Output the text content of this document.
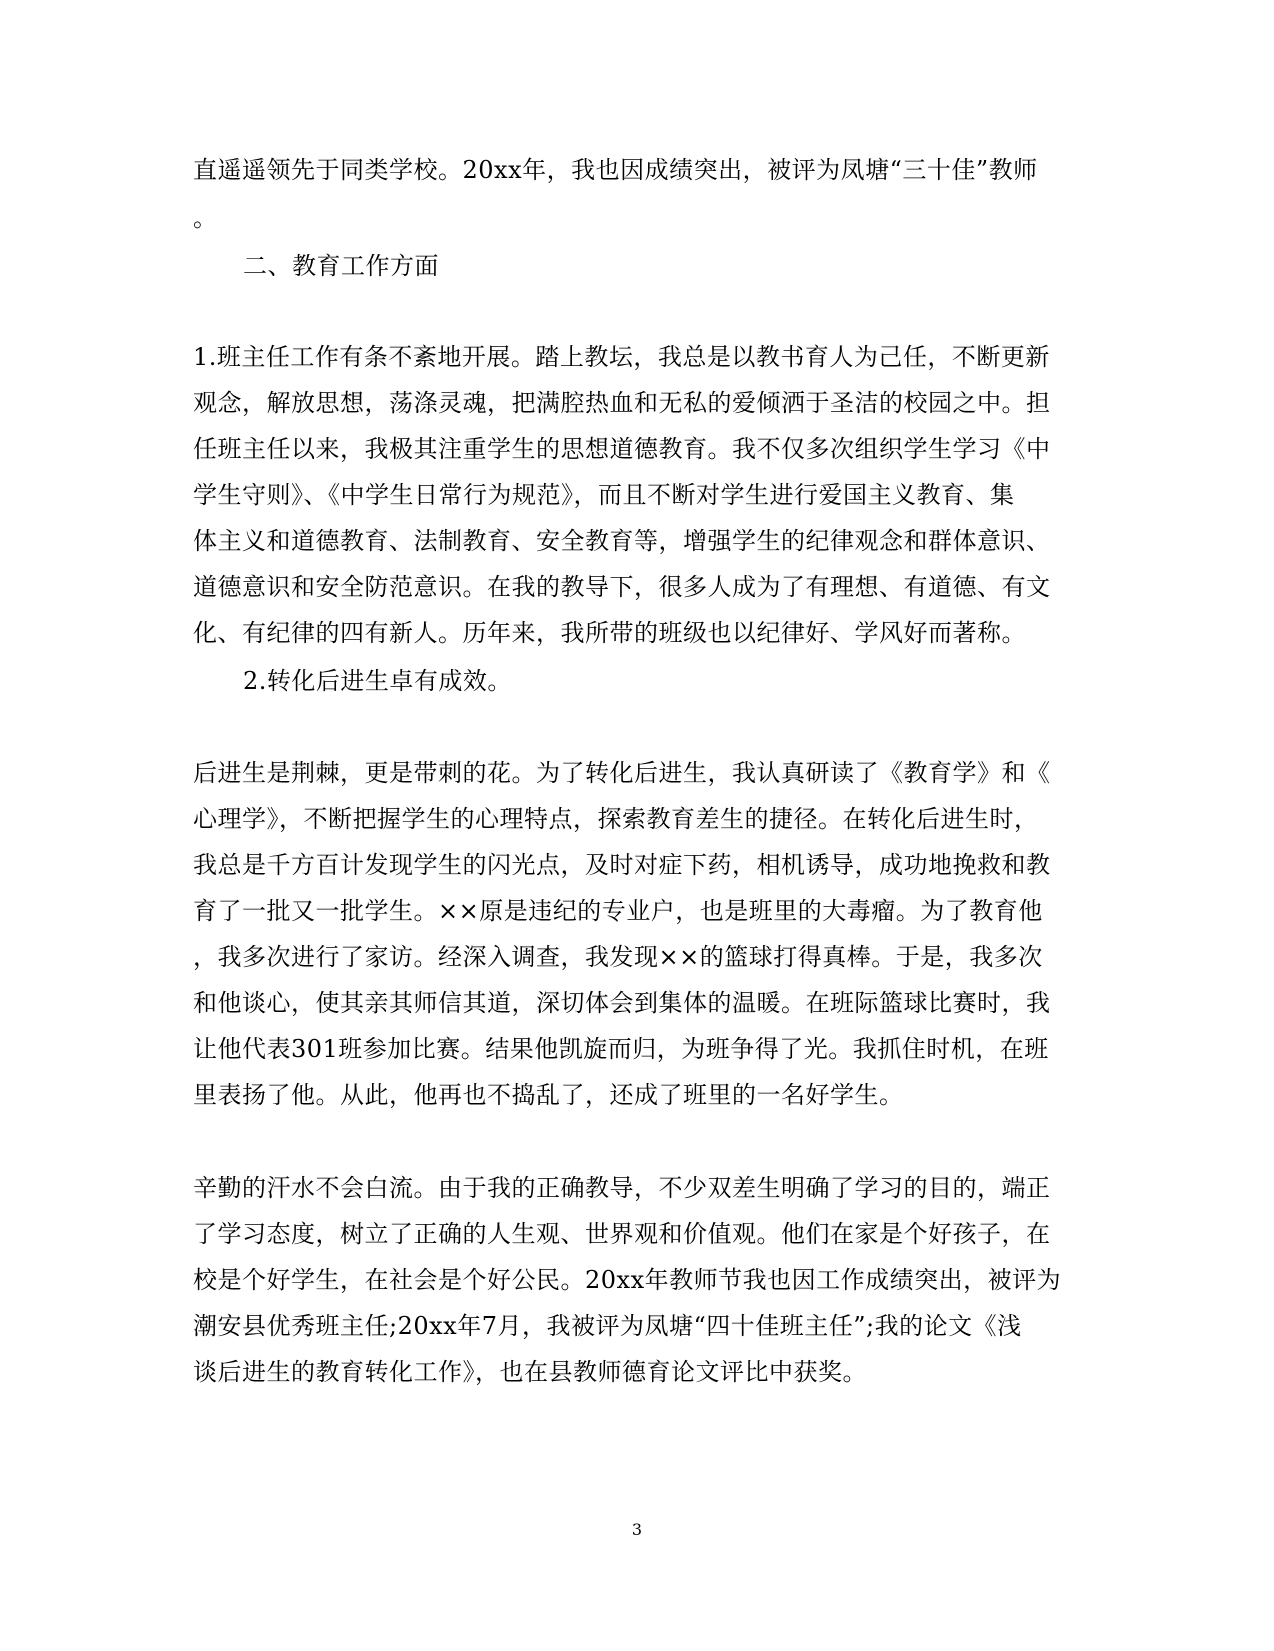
直遥遥领先于同类学校。20xx年，我也因成绩突出，被评为凤塘“三十佳”教师
。
二、教育工作方面
1.班主任工作有条不紊地开展。踏上教坛，我总是以教书育人为己任，不断更新
观念，解放思想，荡涤灵魂，把满腔热血和无私的爱倾洒于圣洁的校园之中。担
任班主任以来，我极其注重学生的思想道德教育。我不仅多次组织学生学习《中
学生守则》、《中学生日常行为规范》，而且不断对学生进行爱国主义教育、集
体主义和道德教育、法制教育、安全教育等，增强学生的纪律观念和群体意识、
道德意识和安全防范意识。在我的教导下，很多人成为了有理想、有道德、有文
化、有纪律的四有新人。历年来，我所带的班级也以纪律好、学风好而著称。
2.转化后进生卓有成效。
后进生是荆棘，更是带刺的花。为了转化后进生，我认真研读了《教育学》和《
心理学》，不断把握学生的心理特点，探索教育差生的捷径。在转化后进生时，
我总是千方百计发现学生的闪光点，及时对症下药，相机诱导，成功地挽救和教
育了一批又一批学生。××原是违纪的专业户，也是班里的大毒瘤。为了教育他
，我多次进行了家访。经深入调查，我发现××的篮球打得真棒。于是，我多次
和他谈心，使其亲其师信其道，深切体会到集体的温暖。在班际篮球比赛时，我
让他代表301班参加比赛。结果他凯旋而归，为班争得了光。我抓住时机，在班
里表扬了他。从此，他再也不捣乱了，还成了班里的一名好学生。
辛勤的汗水不会白流。由于我的正确教导，不少双差生明确了学习的目的，端正
了学习态度，树立了正确的人生观、世界观和价值观。他们在家是个好孩子，在
校是个好学生，在社会是个好公民。20xx年教师节我也因工作成绩突出，被评为
潮安县优秀班主任;20xx年7月，我被评为凤塘“四十佳班主任”;我的论文《浅
谈后进生的教育转化工作》，也在县教师德育论文评比中获奖。
3
